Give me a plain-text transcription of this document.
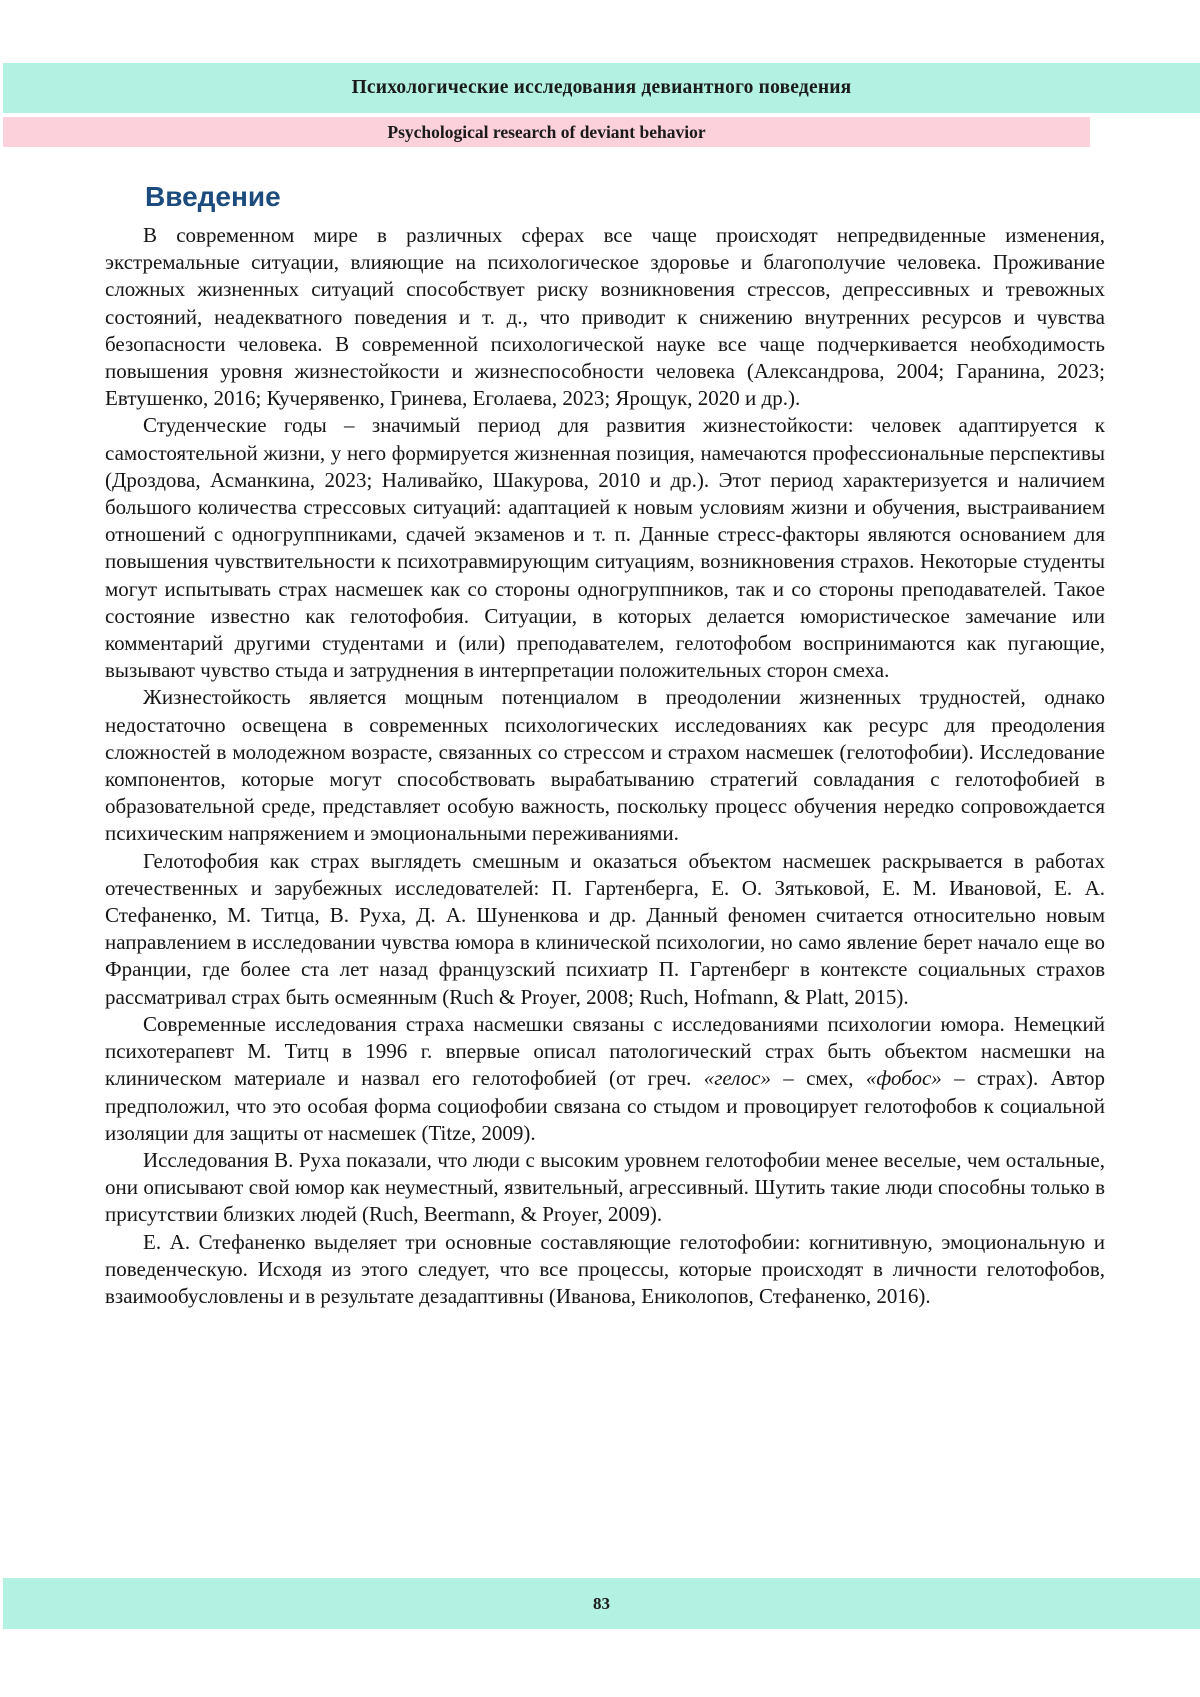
Психологические исследования девиантного поведения
Psychological research of deviant behavior
Введение

В современном мире в различных сферах все чаще происходят непредвиденные изменения, экстремальные ситуации, влияющие на психологическое здоровье и благополучие человека. Проживание сложных жизненных ситуаций способствует риску возникновения стрессов, депрессивных и тревожных состояний, неадекватного поведения и т. д., что приводит к снижению внутренних ресурсов и чувства безопасности человека. В современной психологической науке все чаще подчеркивается необходимость повышения уровня жизнестойкости и жизнеспособности человека (Александрова, 2004; Гаранина, 2023; Евтушенко, 2016; Кучерявенко, Гринева, Еголаева, 2023; Ярощук, 2020 и др.).

Студенческие годы – значимый период для развития жизнестойкости: человек адаптируется к самостоятельной жизни, у него формируется жизненная позиция, намечаются профессиональные перспективы (Дроздова, Асманкина, 2023; Наливайко, Шакурова, 2010 и др.). Этот период характеризуется и наличием большого количества стрессовых ситуаций: адаптацией к новым условиям жизни и обучения, выстраиванием отношений с одногруппниками, сдачей экзаменов и т. п. Данные стресс-факторы являются основанием для повышения чувствительности к психотравмирующим ситуациям, возникновения страхов. Некоторые студенты могут испытывать страх насмешек как со стороны одногруппников, так и со стороны преподавателей. Такое состояние известно как гелотофобия. Ситуации, в которых делается юмористическое замечание или комментарий другими студентами и (или) преподавателем, гелотофобом воспринимаются как пугающие, вызывают чувство стыда и затруднения в интерпретации положительных сторон смеха.

Жизнестойкость является мощным потенциалом в преодолении жизненных трудностей, однако недостаточно освещена в современных психологических исследованиях как ресурс для преодоления сложностей в молодежном возрасте, связанных со стрессом и страхом насмешек (гелотофобии). Исследование компонентов, которые могут способствовать вырабатыванию стратегий совладания с гелотофобией в образовательной среде, представляет особую важность, поскольку процесс обучения нередко сопровождается психическим напряжением и эмоциональными переживаниями.

Гелотофобия как страх выглядеть смешным и оказаться объектом насмешек раскрывается в работах отечественных и зарубежных исследователей: П. Гартенберга, Е. О. Зятьковой, Е. М. Ивановой, Е. А. Стефаненко, М. Титца, В. Руха, Д. А. Шуненкова и др. Данный феномен считается относительно новым направлением в исследовании чувства юмора в клинической психологии, но само явление берет начало еще во Франции, где более ста лет назад французский психиатр П. Гартенберг в контексте социальных страхов рассматривал страх быть осмеянным (Ruch & Proyer, 2008; Ruch, Hofmann, & Platt, 2015).

Современные исследования страха насмешки связаны с исследованиями психологии юмора. Немецкий психотерапевт М. Титц в 1996 г. впервые описал патологический страх быть объектом насмешки на клиническом материале и назвал его гелотофобией (от греч. «гелос» – смех, «фобос» – страх). Автор предположил, что это особая форма социофобии связана со стыдом и провоцирует гелотофобов к социальной изоляции для защиты от насмешек (Titze, 2009).

Исследования В. Руха показали, что люди с высоким уровнем гелотофобии менее веселые, чем остальные, они описывают свой юмор как неуместный, язвительный, агрессивный. Шутить такие люди способны только в присутствии близких людей (Ruch, Beermann, & Proyer, 2009).

Е. А. Стефаненко выделяет три основные составляющие гелотофобии: когнитивную, эмоциональную и поведенческую. Исходя из этого следует, что все процессы, которые происходят в личности гелотофобов, взаимообусловлены и в результате дезадаптивны (Иванова, Ениколопов, Стефаненко, 2016).

83
